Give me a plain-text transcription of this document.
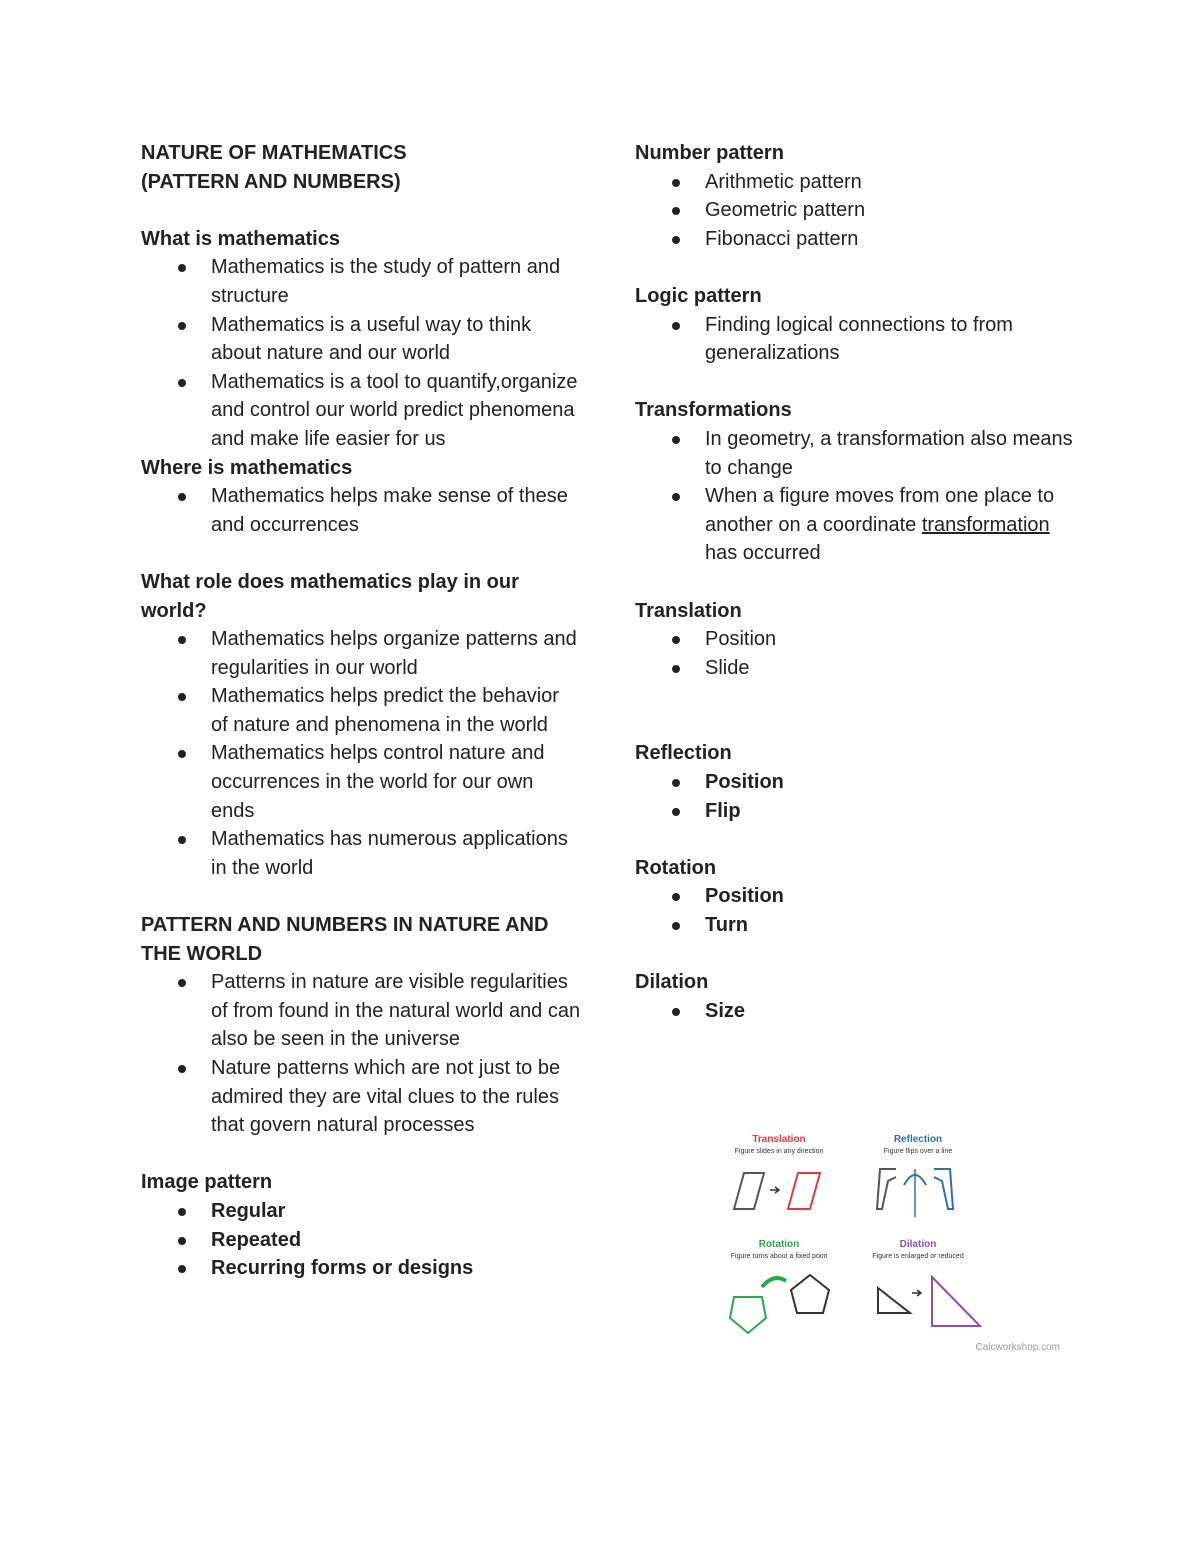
NATURE OF MATHEMATICS

(PATTERN AND NUMBERS)

What is mathematics

Mathematics is the study of pattern and structure
Mathematics is a useful way to think about nature and our world
Mathematics is a tool to quantify,organize and control our world predict phenomena and make life easier for us

Where is mathematics

Mathematics helps make sense of these and occurrences

What role does mathematics play in our world?

Mathematics helps organize patterns and regularities in our world
Mathematics helps predict the behavior of nature and phenomena in the world
Mathematics helps control nature and occurrences in the world for our own ends
Mathematics has numerous applications in the world

PATTERN AND NUMBERS IN NATURE AND THE WORLD

Patterns in nature are visible regularities of from found in the natural world and can also be seen in the universe
Nature patterns which are not just to be admired they are vital clues to the rules that govern natural processes

Image pattern

Regular
Repeated
Recurring forms or designs

Number pattern

Arithmetic pattern
Geometric pattern
Fibonacci pattern

Logic pattern

Finding logical connections to from generalizations

Transformations

In geometry, a transformation also means to change
When a figure moves from one place to another on a coordinate transformation has occurred

Translation

Position
Slide

Reflection

Position
Flip

Rotation

Position
Turn

Dilation

Size
Translation
Figure slides in any direction
Reflection
Figure flips over a line
Rotation
Figure turns about a fixed point
Dilation
Figure is enlarged or reduced
Calcworkshop.com
